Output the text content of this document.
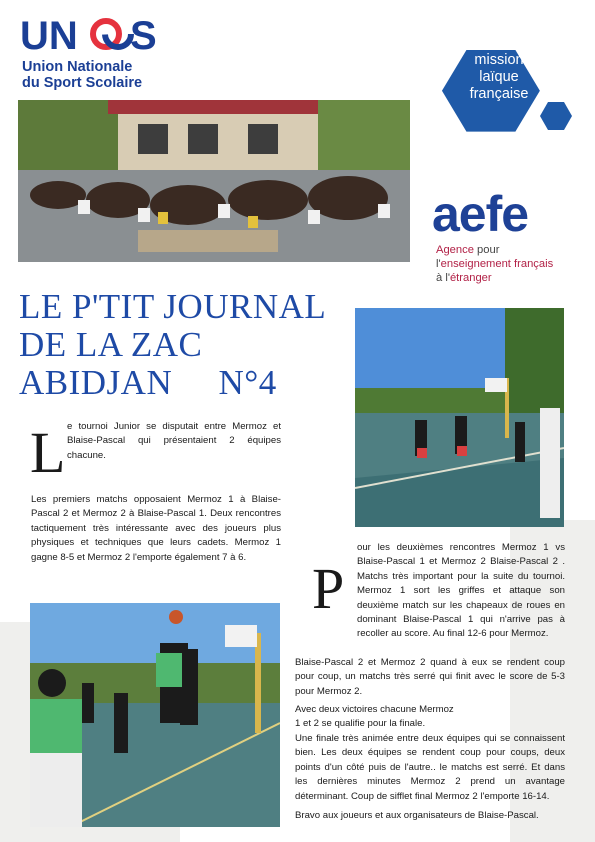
UN S
Union Nationale
du Sport Scolaire
mission
laïque
française
aefe
Agence pour
l'enseignement français
à l'étranger
LE P'TIT JOURNAL
DE LA ZAC
ABIDJAN     N°4
L e tournoi Junior se disputait entre Mermoz et Blaise-Pascal qui présentaient 2 équipes chacune.
Les premiers matchs opposaient Mermoz 1 à Blaise-Pascal 2 et Mermoz 2 à Blaise-Pascal 1. Deux rencontres tactiquement très intéressante avec des joueurs plus physiques et techniques que leurs cadets. Mermoz 1 gagne 8-5 et Mermoz 2 l'emporte également 7 à 6.	P
our les deuxièmes rencontres Mermoz 1 vs Blaise-Pascal 1 et Mermoz 2 Blaise-Pascal 2 . Matchs très important pour la suite du tournoi. Mermoz 1 sort les griffes et attaque son deuxième match sur les chapeaux de roues en dominant Blaise-Pascal 1 qui n'arrive pas à recoller au score. Au final 12-6 pour Mermoz.
Blaise-Pascal 2 et Mermoz 2 quand à eux se rendent coup pour coup, un matchs très serré qui finit avec le score de 5-3 pour Mermoz 2.
Avec deux victoires chacune Mermoz
1 et 2 se qualifie pour la finale.
Une finale très animée entre deux équipes qui se connaissent bien. Les deux équipes se rendent coup pour coups, deux points d'un côté puis de l'autre.. le matchs est serré. Et dans les dernières minutes Mermoz 2 prend un avantage déterminant. Coup de sifflet final Mermoz 2 l'emporte 16-14.
Bravo aux joueurs et aux organisateurs de Blaise-Pascal.
